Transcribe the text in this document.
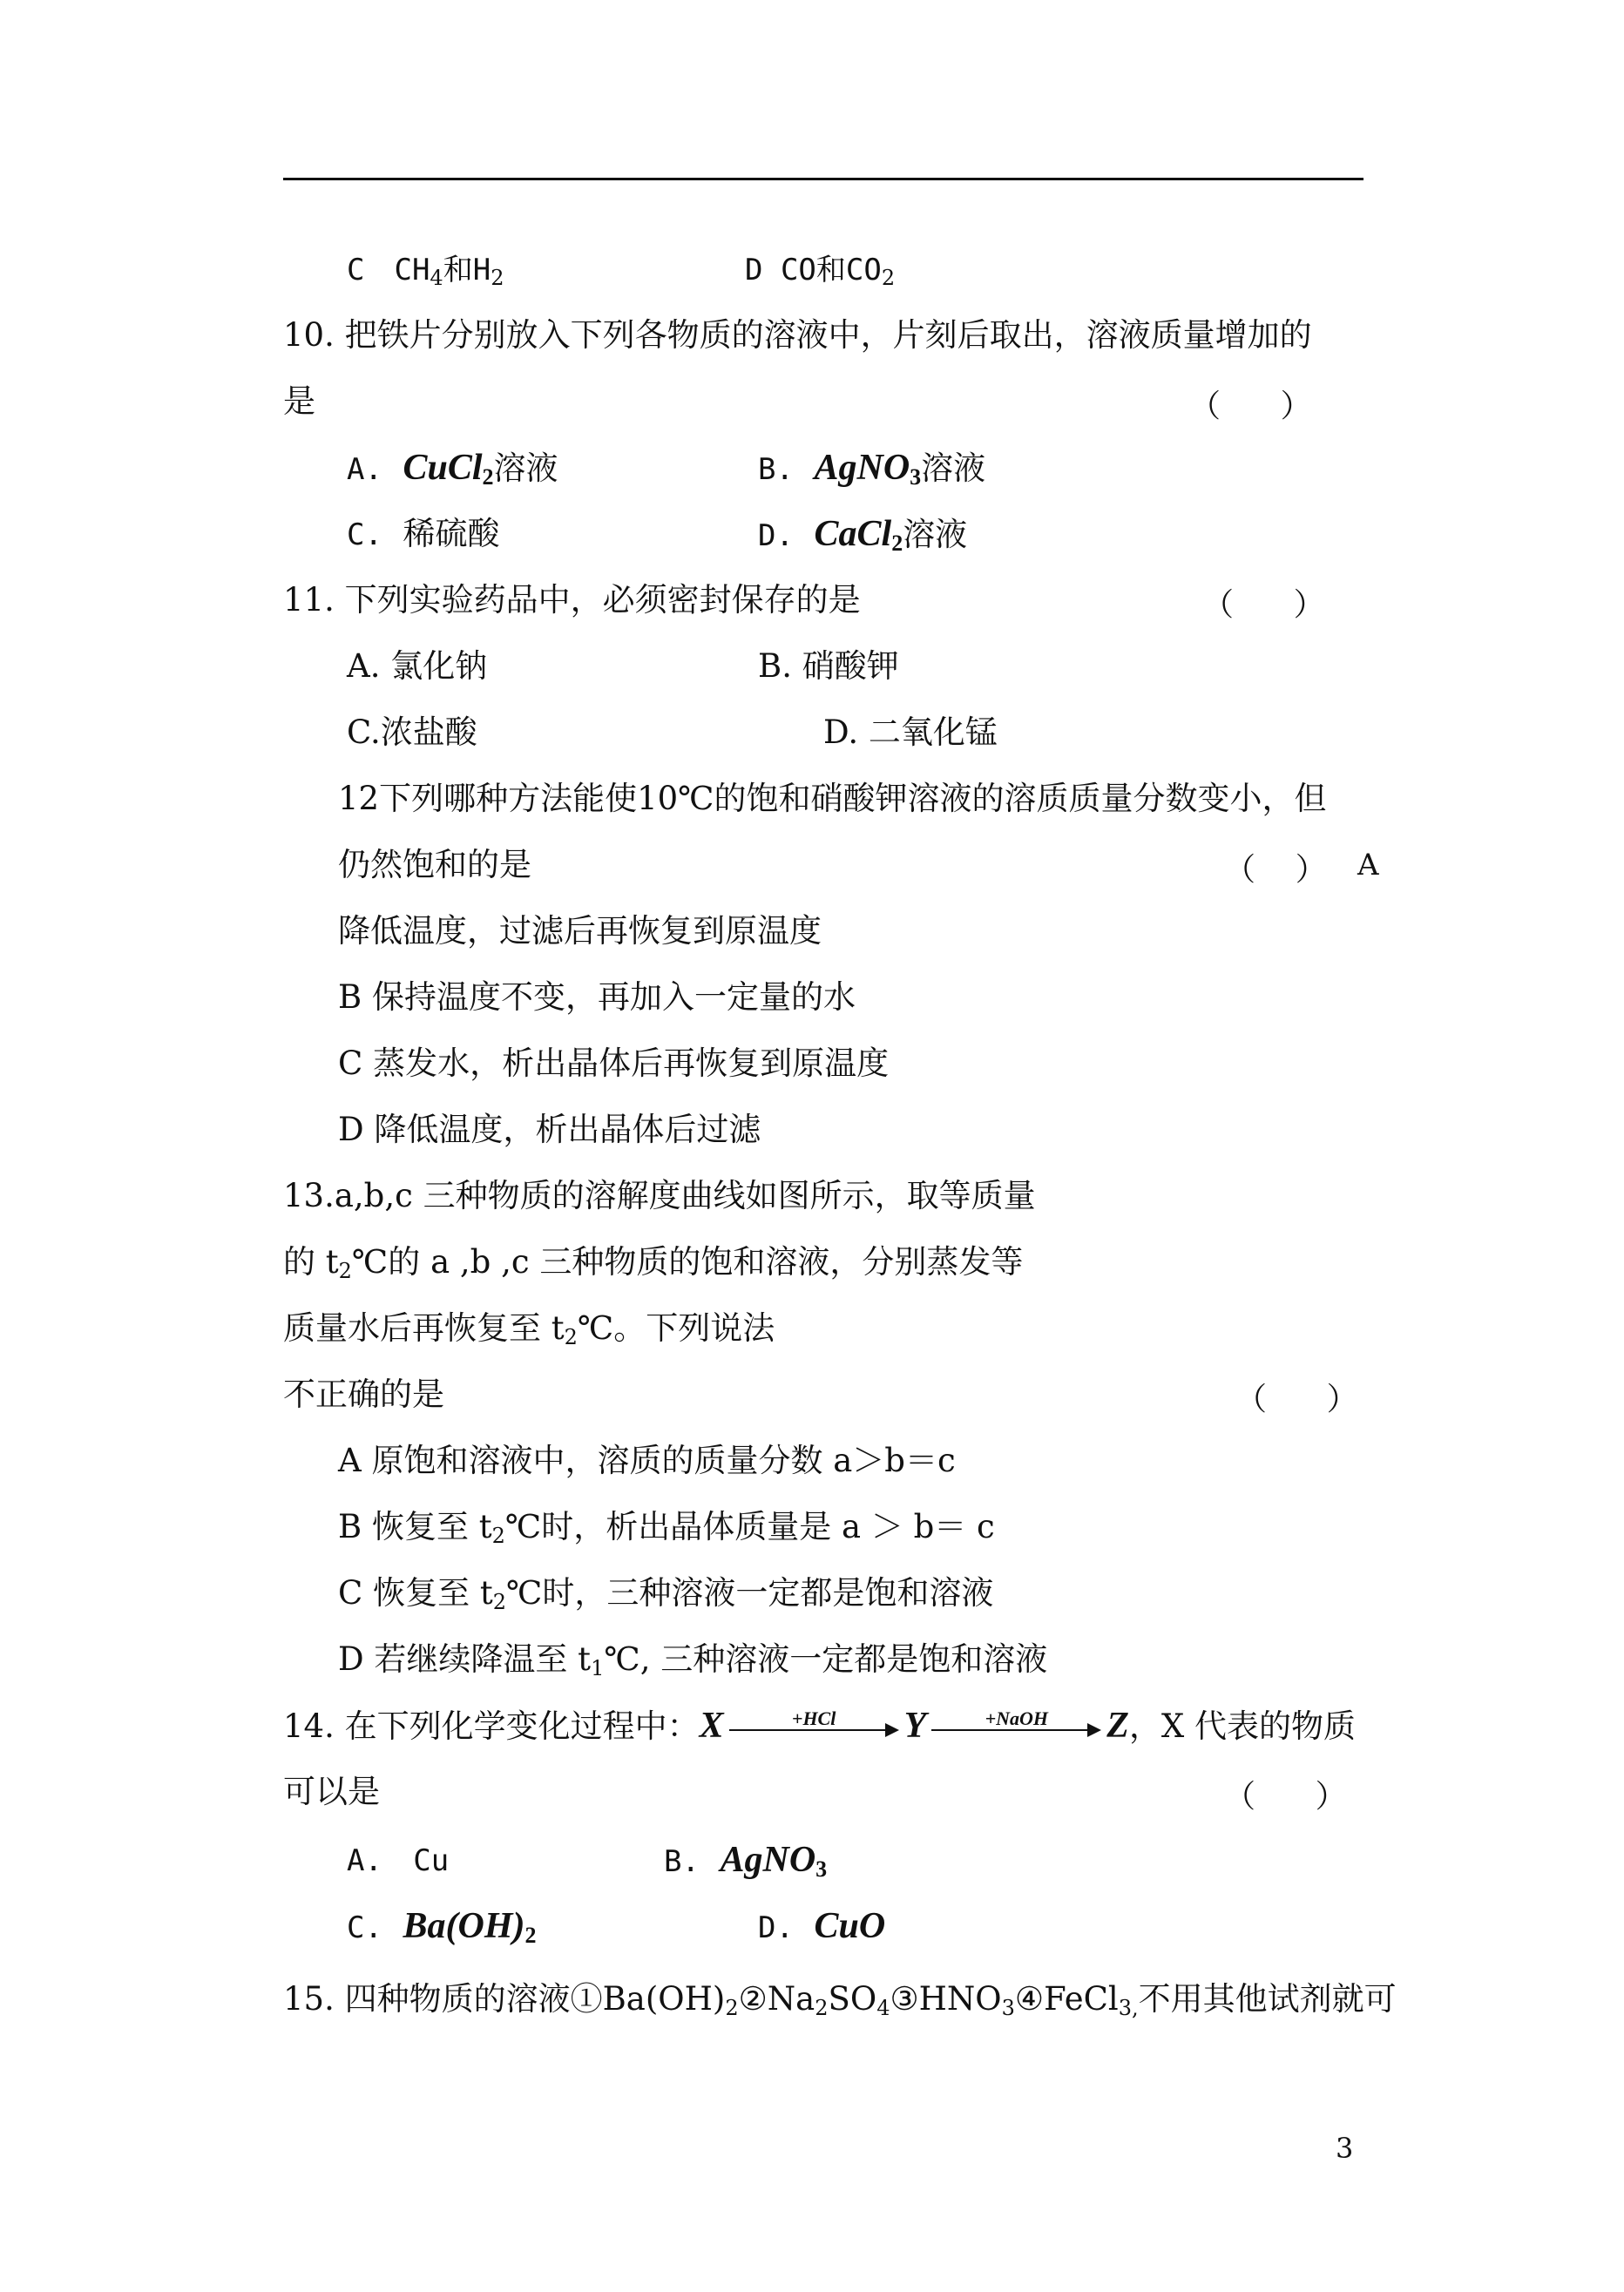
C　$CH_4$和$H_2$	D CO和$CO_2$
10. 把铁片分别放入下列各物质的溶液中，片刻后取出，溶液质量增加的
是	（      ）
A. CuCl$_2$溶液	B. AgNO$_3$溶液
C. 稀硫酸	D. CaCl$_2$溶液
11. 下列实验药品中，必须密封保存的是	（      ）
A. 氯化钠	B. 硝酸钾
C.浓盐酸	D. 二氧化锰
12下列哪种方法能使10℃的饱和硝酸钾溶液的溶质质量分数变小，但
仍然饱和的是	（    ） A
降低温度，过滤后再恢复到原温度
B 保持温度不变，再加入一定量的水
C 蒸发水，析出晶体后再恢复到原温度
D 降低温度，析出晶体后过滤
13.a,b,c 三种物质的溶解度曲线如图所示，取等质量
的 $t_2℃$的 a ,b ,c 三种物质的饱和溶液，分别蒸发等
质量水后再恢复至 $t_2℃$。下列说法
不正确的是	（      ）
A 原饱和溶液中，溶质的质量分数 a＞b＝c
B 恢复至 $t_2℃$时，析出晶体质量是 a ＞ b＝ c
C 恢复至 $t_2℃$时，三种溶液一定都是饱和溶液
D 若继续降温至 $t_1℃$, 三种溶液一定都是饱和溶液
14. 在下列化学变化过程中：X	+HCl	Y	+NaOH	Z，X 代表的物质
可以是	（      ）
A. Cu	B. AgNO$_3$
C. $Ba(OH)_2$	D. CuO
15. 四种物质的溶液$①Ba(OH)_2②Na_2SO_4③HNO_3④FeCl_{3,}$不用其他试剂就可
3
